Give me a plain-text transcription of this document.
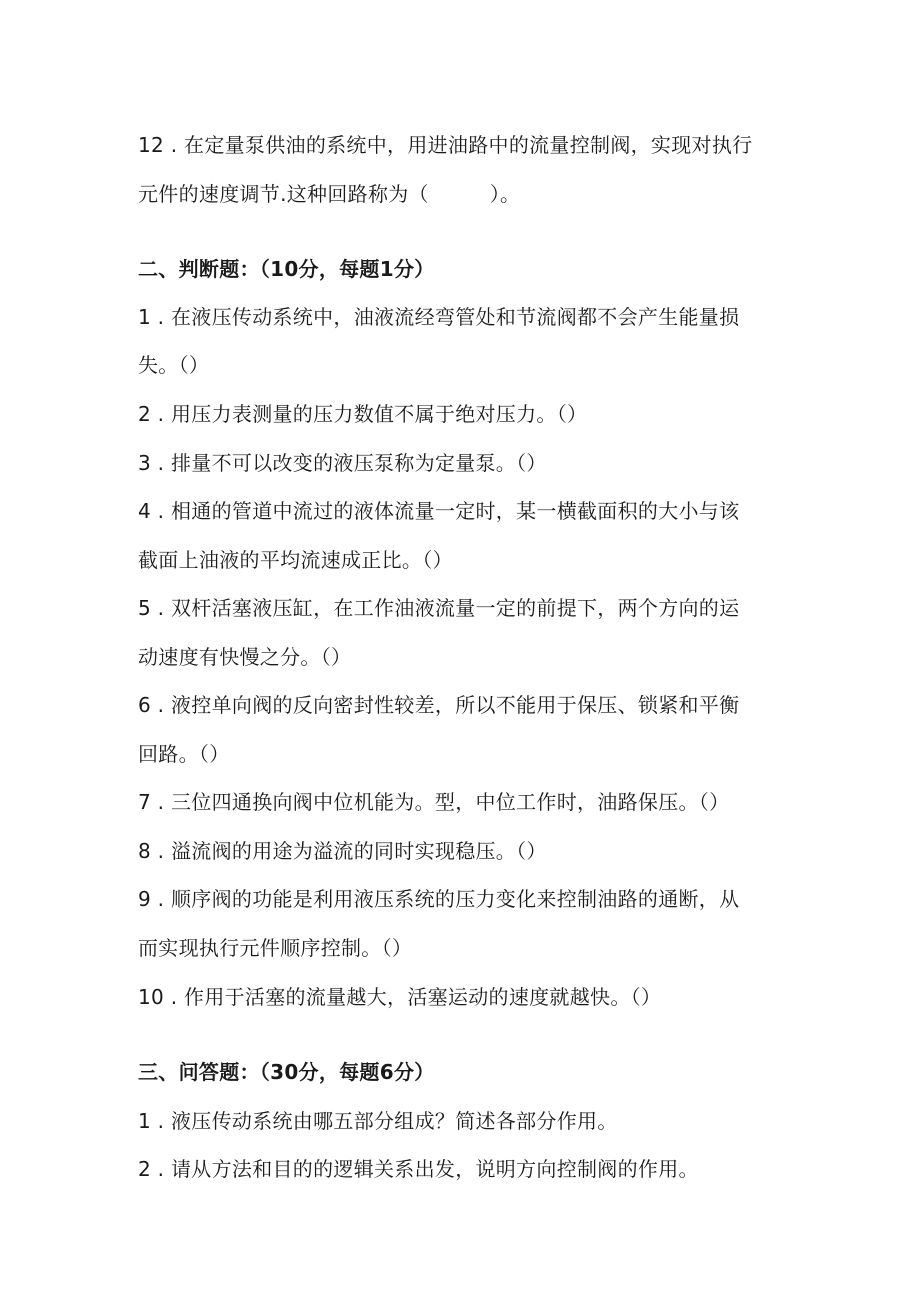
12 . 在定量泵供油的系统中，用进油路中的流量控制阀，实现对执行
元件的速度调节.这种回路称为（　　　）。
二、判断题：（10分，每题1分）
1 . 在液压传动系统中，油液流经弯管处和节流阀都不会产生能量损
失。（）
2 . 用压力表测量的压力数值不属于绝对压力。（）
3 . 排量不可以改变的液压泵称为定量泵。（）
4 . 相通的管道中流过的液体流量一定时，某一横截面积的大小与该
截面上油液的平均流速成正比。（）
5 . 双杆活塞液压缸，在工作油液流量一定的前提下，两个方向的运
动速度有快慢之分。（）
6 . 液控单向阀的反向密封性较差，所以不能用于保压、锁紧和平衡
回路。（）
7 . 三位四通换向阀中位机能为。型，中位工作时，油路保压。（）
8 . 溢流阀的用途为溢流的同时实现稳压。（）
9 . 顺序阀的功能是利用液压系统的压力变化来控制油路的通断，从
而实现执行元件顺序控制。（）
10 . 作用于活塞的流量越大，活塞运动的速度就越快。（）
三、问答题：（30分，每题6分）
1 . 液压传动系统由哪五部分组成？简述各部分作用。
2 . 请从方法和目的的逻辑关系出发，说明方向控制阀的作用。
